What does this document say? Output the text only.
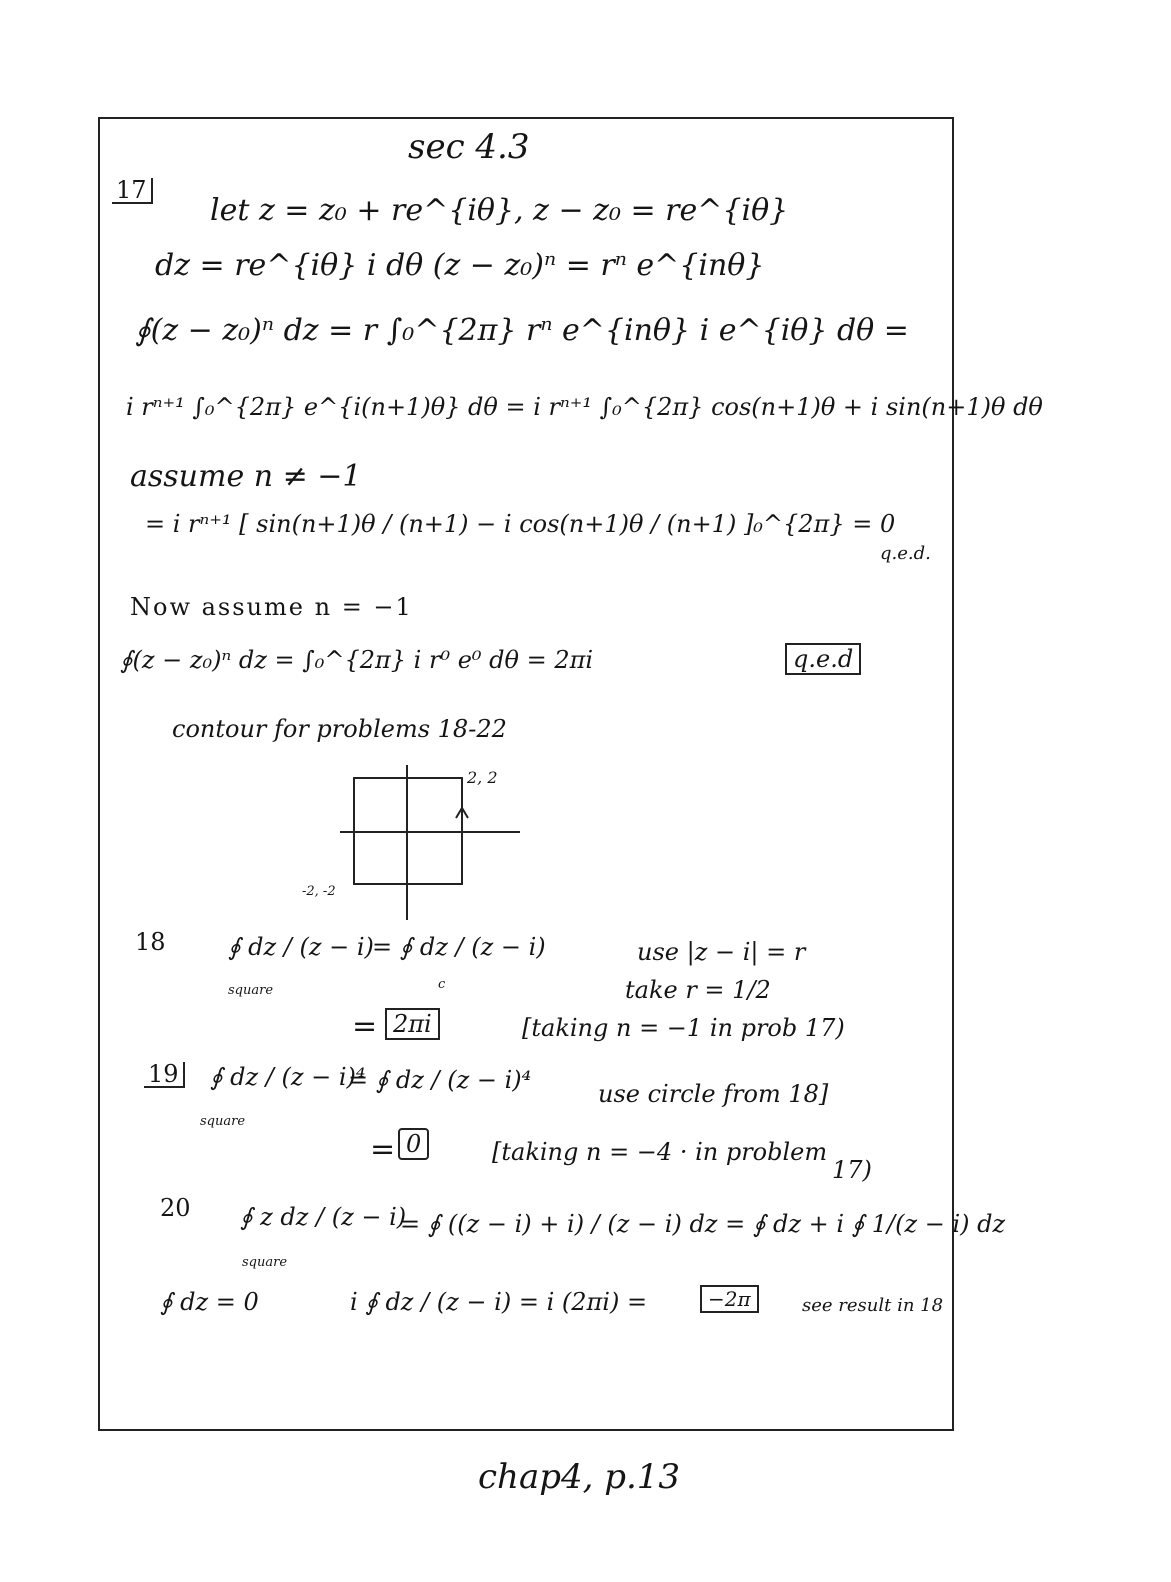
sec 4.3
17
let z = z₀ + re^{iθ}, z − z₀ = re^{iθ}
dz = re^{iθ} i dθ (z − z₀)ⁿ = rⁿ e^{inθ}
∮(z − z₀)ⁿ dz = r ∫₀^{2π} rⁿ e^{inθ} i e^{iθ} dθ =
i rⁿ⁺¹ ∫₀^{2π} e^{i(n+1)θ} dθ = i rⁿ⁺¹ ∫₀^{2π} cos(n+1)θ + i sin(n+1)θ dθ
assume n ≠ −1
= i rⁿ⁺¹ [ sin(n+1)θ / (n+1) − i cos(n+1)θ / (n+1) ]₀^{2π} = 0
q.e.d.
Now assume n = −1
∮(z − z₀)ⁿ dz = ∫₀^{2π} i r⁰ e⁰ dθ = 2πi	q.e.d
contour for problems 18-22
2, 2
-2, -2
18	∮ dz / (z − i)
square
= ∮ dz / (z − i)
c
use |z − i| = r
take r = 1/2
= 2πi	[taking n = −1 in prob 17)
19 ∮ dz / (z − i)⁴
square
= ∮ dz / (z − i)⁴	use circle from 18]
= 0	[taking n = −4 · in problem
17)
20 ∮ z dz / (z − i)
square
= ∮ ((z − i) + i) / (z − i) dz = ∮ dz + i ∮ 1/(z − i) dz
∮ dz = 0	i ∮ dz / (z − i) = i (2πi) =	−2π	see result in 18
chap4, p.13
